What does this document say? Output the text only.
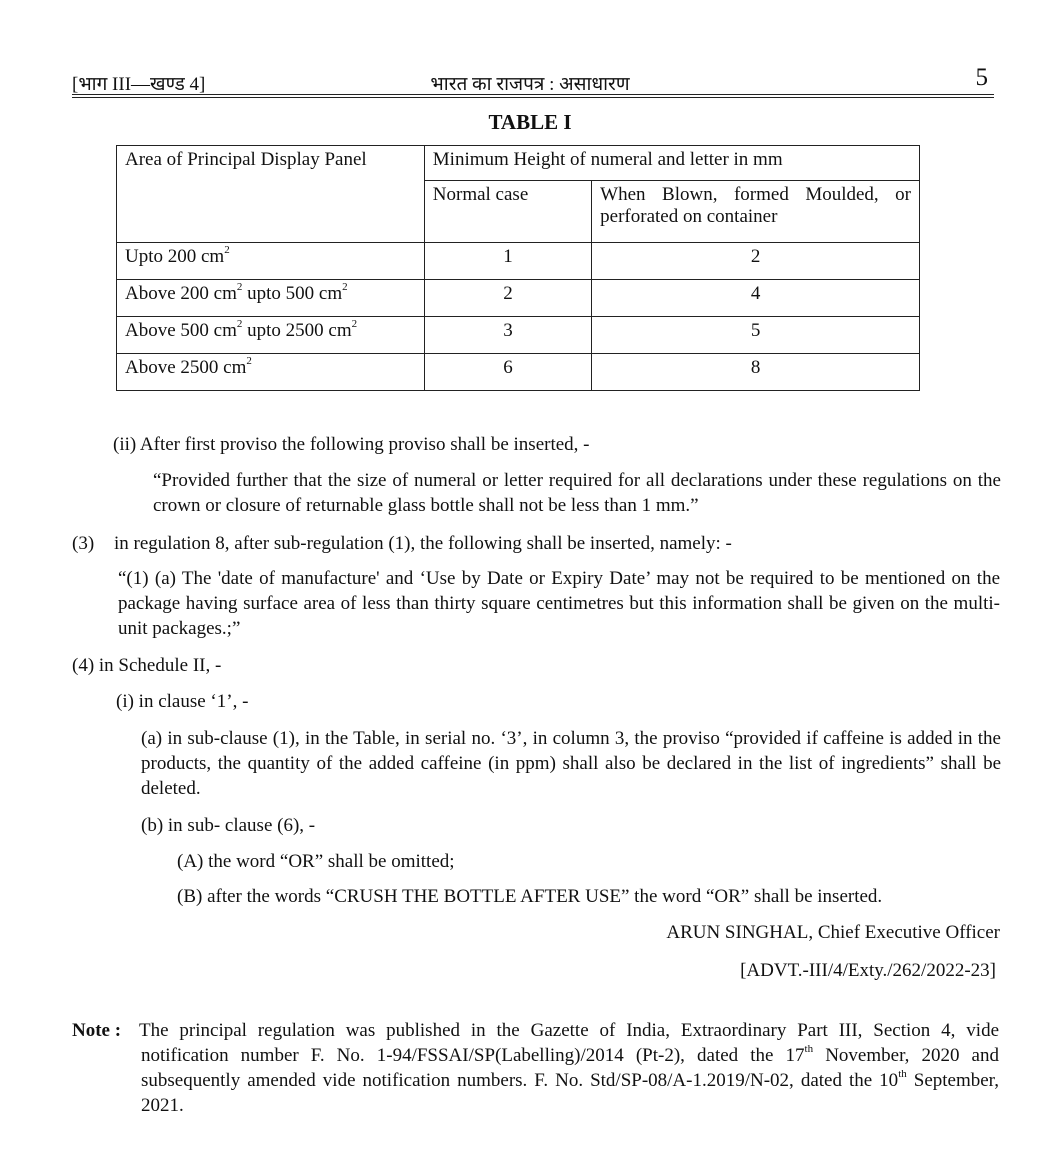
[भाग III—खण्ड 4]	भारत का राजपत्र : असाधारण	5
TABLE I
Area of Principal Display Panel	Minimum Height of numeral and letter in mm	
	Normal case	When Blown, formed Moulded, or perforated on container
Upto 200 $cm^2$	1	2
Above 200 $cm^2$ upto 500 $cm^2$	2	4
Above 500 $cm^2$ upto 2500 $cm^2$	3	5
Above 2500 $cm^2$	6	8
(ii) After first proviso the following proviso shall be inserted, -
“Provided further that the size of numeral or letter required for all declarations under these regulations on the crown or closure of returnable glass bottle shall not be less than 1 mm.”
(3)	in regulation 8, after sub-regulation (1), the following shall be inserted, namely: -
“(1) (a) The 'date of manufacture' and ‘Use by Date or Expiry Date’ may not be required to be mentioned on the package having surface area of less than thirty square centimetres but this information shall be given on the multi-unit packages.;”
(4) in Schedule II, -
(i) in clause ‘1’, -
(a) in sub-clause (1), in the Table, in serial no. ‘3’, in column 3, the proviso “provided if caffeine is added in the products, the quantity of the added caffeine (in ppm) shall also be declared in the list of ingredients” shall be deleted.
(b) in sub- clause (6), -
(A) the word “OR” shall be omitted;
(B) after the words “CRUSH THE BOTTLE AFTER USE” the word “OR” shall be inserted.
ARUN SINGHAL, Chief Executive Officer
[ADVT.-III/4/Exty./262/2022-23]
Note : The principal regulation was published in the Gazette of India, Extraordinary Part III, Section 4, vide notification number F. No. 1-94/FSSAI/SP(Labelling)/2014 (Pt-2), dated the 17th November, 2020 and subsequently amended vide notification numbers. F. No. Std/SP-08/A-1.2019/N-02, dated the 10th September, 2021.
